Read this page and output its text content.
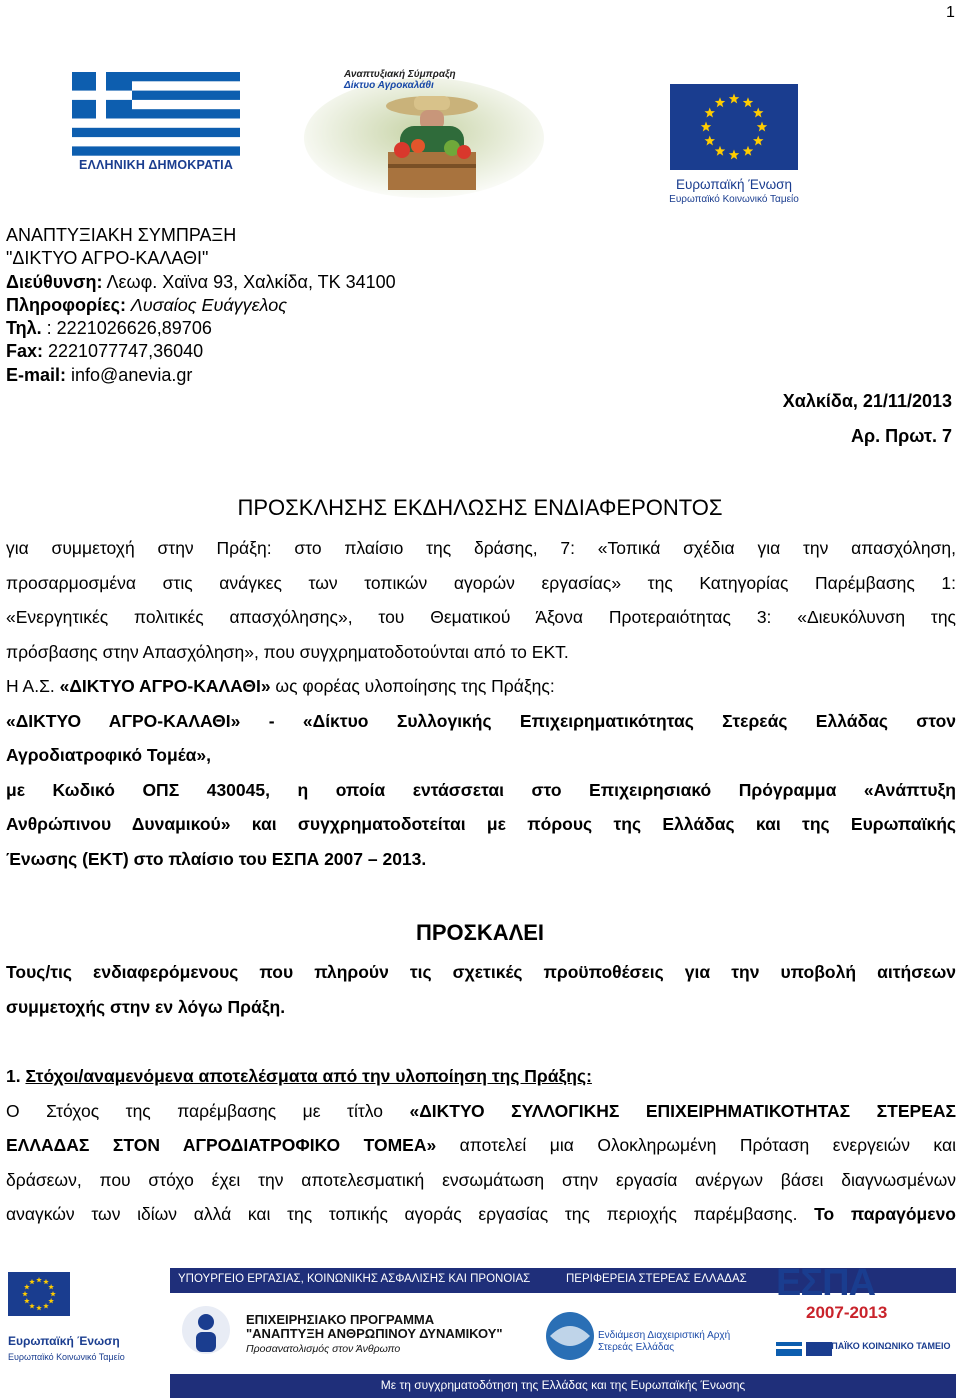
1
ΕΛΛΗΝΙΚΗ ΔΗΜΟΚΡΑΤΙΑ
Αναπτυξιακή Σύμπραξη
Δίκτυο Αγροκαλάθι
Ευρωπαϊκή Ένωση
Ευρωπαϊκό Κοινωνικό Ταμείο
ΑΝΑΠΤΥΞΙΑΚΗ ΣΥΜΠΡΑΞΗ
"ΔΙΚΤΥΟ ΑΓΡΟ-ΚΑΛΑΘΙ"
Διεύθυνση: Λεωφ. Χαϊνα 93, Χαλκίδα, ΤΚ 34100
Πληροφορίες: Λυσαίος Ευάγγελος
Τηλ. : 2221026626,89706
Fax: 2221077747,36040
E-mail: info@anevia.gr
Χαλκίδα, 21/11/2013
Αρ. Πρωτ. 7
ΠΡΟΣΚΛΗΣΗΣ ΕΚΔΗΛΩΣΗΣ ΕΝΔΙΑΦΕΡΟΝΤΟΣ
για συμμετοχή στην Πράξη: στο πλαίσιο της δράσης, 7: «Τοπικά σχέδια για την απασχόληση,
προσαρμοσμένα στις ανάγκες των τοπικών αγορών εργασίας» της Κατηγορίας Παρέμβασης 1:
«Ενεργητικές πολιτικές απασχόλησης», του Θεματικού Άξονα Προτεραιότητας 3: «Διευκόλυνση της
πρόσβασης στην Απασχόληση», που συγχρηματοδοτούνται από το ΕΚΤ.
Η Α.Σ. «ΔΙΚΤΥΟ ΑΓΡΟ-ΚΑΛΑΘΙ» ως φορέας υλοποίησης της Πράξης:
«ΔΙΚΤΥΟ ΑΓΡΟ-ΚΑΛΑΘΙ» - «Δίκτυο Συλλογικής Επιχειρηματικότητας Στερεάς Ελλάδας στον
Αγροδιατροφικό Τομέα»,
με Κωδικό ΟΠΣ 430045, η οποία εντάσσεται στο Επιχειρησιακό Πρόγραμμα «Ανάπτυξη
Ανθρώπινου Δυναμικού» και συγχρηματοδοτείται με πόρους της Ελλάδας και της Ευρωπαϊκής
Ένωσης (ΕΚΤ) στο πλαίσιο του ΕΣΠΑ 2007 – 2013.
ΠΡΟΣΚΑΛΕΙ
Τους/τις ενδιαφερόμενους που πληρούν τις σχετικές προϋποθέσεις για την υποβολή αιτήσεων
συμμετοχής στην εν λόγω Πράξη.
1. Στόχοι/αναμενόμενα αποτελέσματα από την υλοποίηση της Πράξης:
Ο Στόχος της παρέμβασης με τίτλο «ΔΙΚΤΥΟ ΣΥΛΛΟΓΙΚΗΣ ΕΠΙΧΕΙΡΗΜΑΤΙΚΟΤΗΤΑΣ ΣΤΕΡΕΑΣ
ΕΛΛΑΔΑΣ ΣΤΟΝ ΑΓΡΟΔΙΑΤΡΟΦΙΚΟ ΤΟΜΕΑ» αποτελεί μια Ολοκληρωμένη Πρόταση ενεργειών και
δράσεων, που στόχο έχει την αποτελεσματική ενσωμάτωση στην εργασία ανέργων βάσει διαγνωσμένων
αναγκών των ιδίων αλλά και της τοπικής αγοράς εργασίας της περιοχής παρέμβασης. Το παραγόμενο
ΥΠΟΥΡΓΕΙΟ ΕΡΓΑΣΙΑΣ, ΚΟΙΝΩΝΙΚΗΣ ΑΣΦΑΛΙΣΗΣ ΚΑΙ ΠΡΟΝΟΙΑΣ	ΠΕΡΙΦΕΡΕΙΑ ΣΤΕΡΕΑΣ ΕΛΛΑΔΑΣ
Ευρωπαϊκή Ένωση
Ευρωπαϊκό Κοινωνικό Ταμείο
ΕΠΙΧΕΙΡΗΣΙΑΚΟ ΠΡΟΓΡΑΜΜΑ
"ΑΝΑΠΤΥΞΗ ΑΝΘΡΩΠΙΝΟΥ ΔΥΝΑΜΙΚΟΥ"
Προσανατολισμός στον Άνθρωπο
Ενδιάμεση Διαχειριστική Αρχή
Στερεάς Ελλάδας
ΕΣΠΑ
2007-2013
ΕΥΡΩΠΑΪΚΟ ΚΟΙΝΩΝΙΚΟ ΤΑΜΕΙΟ
Με τη συγχρηματοδότηση της Ελλάδας και της Ευρωπαϊκής Ένωσης
